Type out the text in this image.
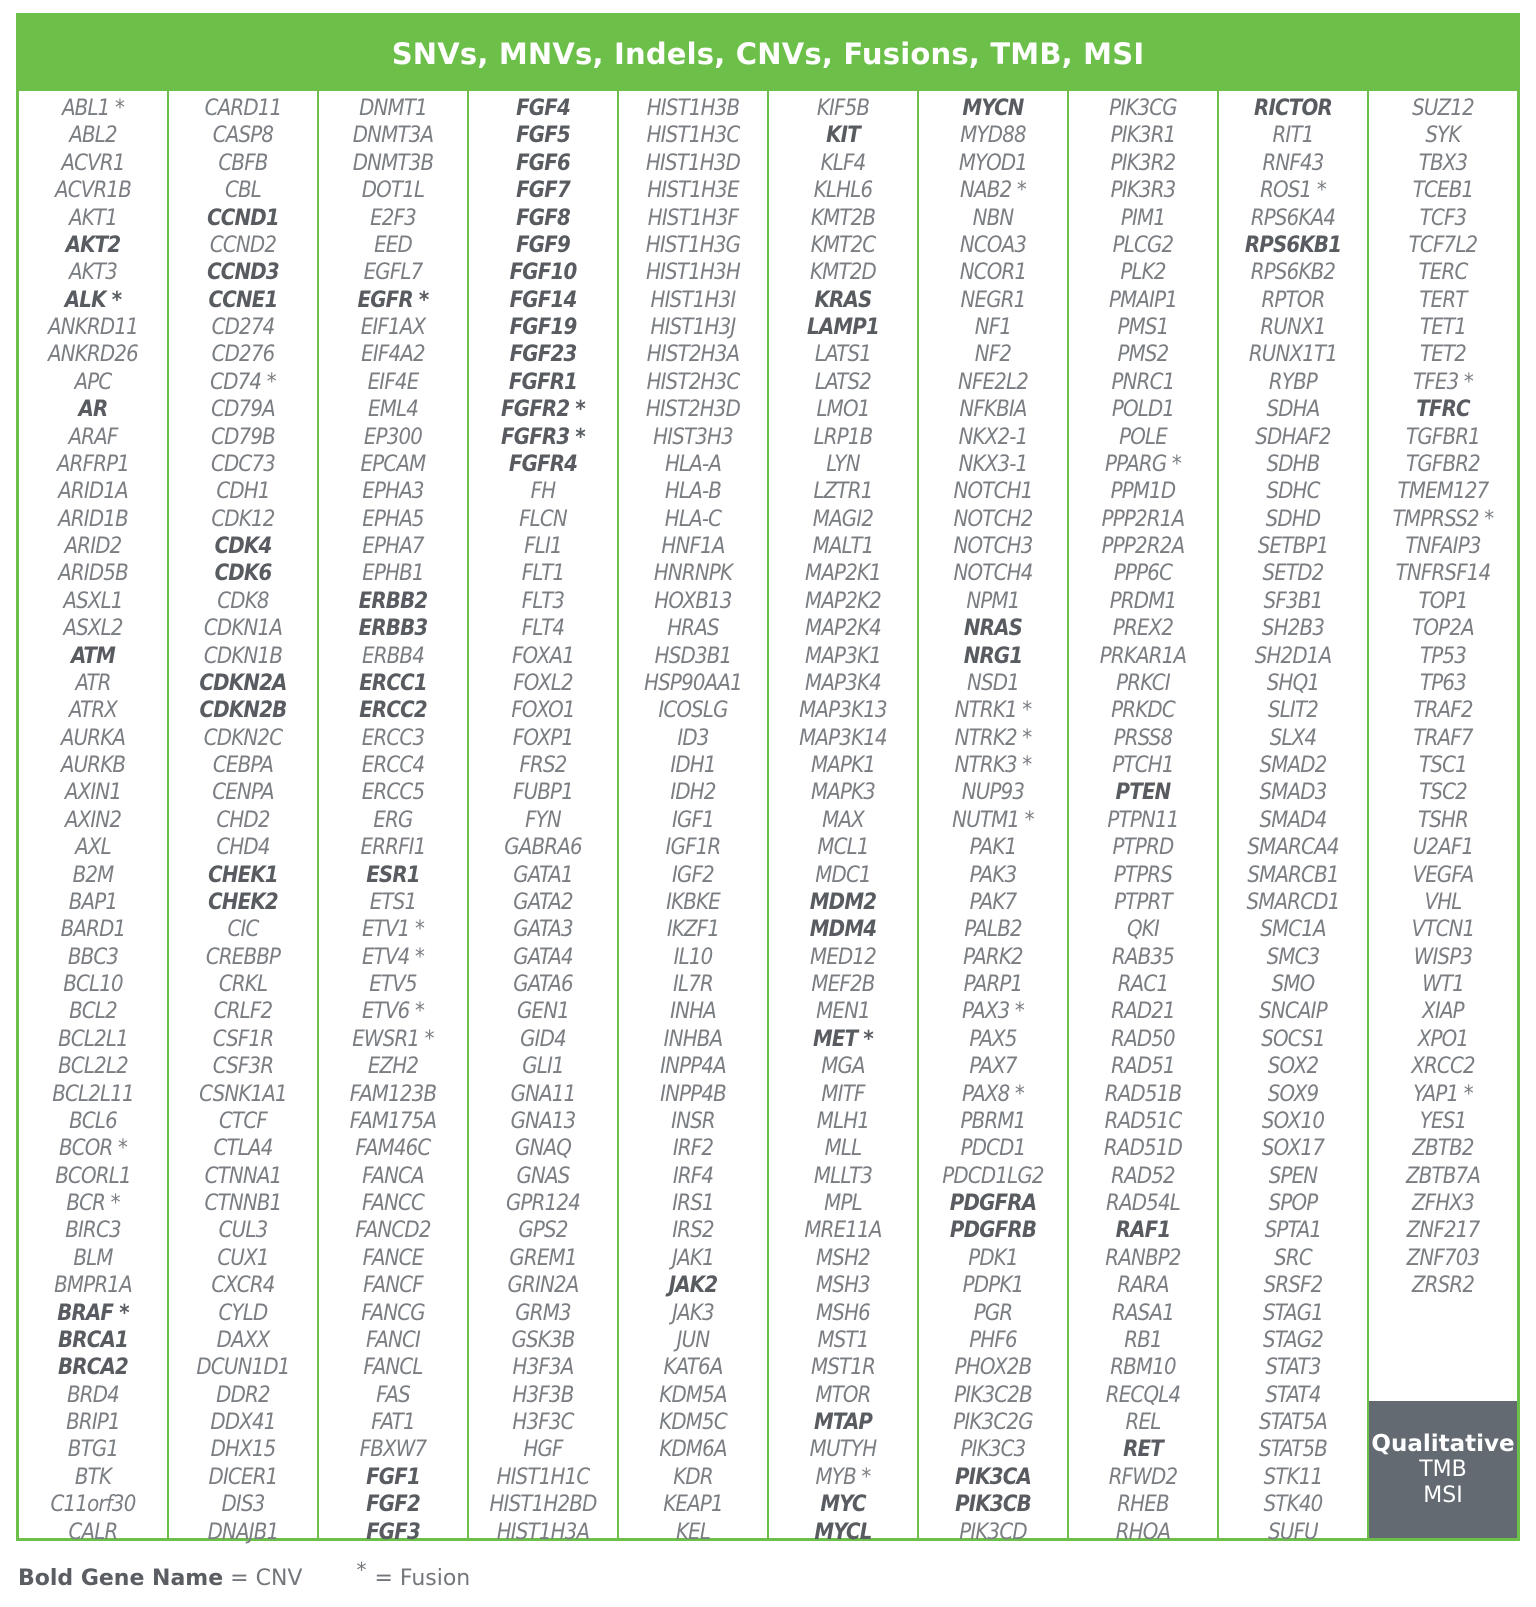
SNVs, MNVs, Indels, CNVs, Fusions, TMB, MSI
ABL1 *
ABL2
ACVR1
ACVR1B
AKT1
AKT2
AKT3
ALK *
ANKRD11
ANKRD26
APC
AR
ARAF
ARFRP1
ARID1A
ARID1B
ARID2
ARID5B
ASXL1
ASXL2
ATM
ATR
ATRX
AURKA
AURKB
AXIN1
AXIN2
AXL
B2M
BAP1
BARD1
BBC3
BCL10
BCL2
BCL2L1
BCL2L2
BCL2L11
BCL6
BCOR *
BCORL1
BCR *
BIRC3
BLM
BMPR1A
BRAF *
BRCA1
BRCA2
BRD4
BRIP1
BTG1
BTK
C11orf30
CALR
CARD11
CASP8
CBFB
CBL
CCND1
CCND2
CCND3
CCNE1
CD274
CD276
CD74 *
CD79A
CD79B
CDC73
CDH1
CDK12
CDK4
CDK6
CDK8
CDKN1A
CDKN1B
CDKN2A
CDKN2B
CDKN2C
CEBPA
CENPA
CHD2
CHD4
CHEK1
CHEK2
CIC
CREBBP
CRKL
CRLF2
CSF1R
CSF3R
CSNK1A1
CTCF
CTLA4
CTNNA1
CTNNB1
CUL3
CUX1
CXCR4
CYLD
DAXX
DCUN1D1
DDR2
DDX41
DHX15
DICER1
DIS3
DNAJB1
DNMT1
DNMT3A
DNMT3B
DOT1L
E2F3
EED
EGFL7
EGFR *
EIF1AX
EIF4A2
EIF4E
EML4
EP300
EPCAM
EPHA3
EPHA5
EPHA7
EPHB1
ERBB2
ERBB3
ERBB4
ERCC1
ERCC2
ERCC3
ERCC4
ERCC5
ERG
ERRFI1
ESR1
ETS1
ETV1 *
ETV4 *
ETV5
ETV6 *
EWSR1 *
EZH2
FAM123B
FAM175A
FAM46C
FANCA
FANCC
FANCD2
FANCE
FANCF
FANCG
FANCI
FANCL
FAS
FAT1
FBXW7
FGF1
FGF2
FGF3
FGF4
FGF5
FGF6
FGF7
FGF8
FGF9
FGF10
FGF14
FGF19
FGF23
FGFR1
FGFR2 *
FGFR3 *
FGFR4
FH
FLCN
FLI1
FLT1
FLT3
FLT4
FOXA1
FOXL2
FOXO1
FOXP1
FRS2
FUBP1
FYN
GABRA6
GATA1
GATA2
GATA3
GATA4
GATA6
GEN1
GID4
GLI1
GNA11
GNA13
GNAQ
GNAS
GPR124
GPS2
GREM1
GRIN2A
GRM3
GSK3B
H3F3A
H3F3B
H3F3C
HGF
HIST1H1C
HIST1H2BD
HIST1H3A
HIST1H3B
HIST1H3C
HIST1H3D
HIST1H3E
HIST1H3F
HIST1H3G
HIST1H3H
HIST1H3I
HIST1H3J
HIST2H3A
HIST2H3C
HIST2H3D
HIST3H3
HLA-A
HLA-B
HLA-C
HNF1A
HNRNPK
HOXB13
HRAS
HSD3B1
HSP90AA1
ICOSLG
ID3
IDH1
IDH2
IGF1
IGF1R
IGF2
IKBKE
IKZF1
IL10
IL7R
INHA
INHBA
INPP4A
INPP4B
INSR
IRF2
IRF4
IRS1
IRS2
JAK1
JAK2
JAK3
JUN
KAT6A
KDM5A
KDM5C
KDM6A
KDR
KEAP1
KEL
KIF5B
KIT
KLF4
KLHL6
KMT2B
KMT2C
KMT2D
KRAS
LAMP1
LATS1
LATS2
LMO1
LRP1B
LYN
LZTR1
MAGI2
MALT1
MAP2K1
MAP2K2
MAP2K4
MAP3K1
MAP3K4
MAP3K13
MAP3K14
MAPK1
MAPK3
MAX
MCL1
MDC1
MDM2
MDM4
MED12
MEF2B
MEN1
MET *
MGA
MITF
MLH1
MLL
MLLT3
MPL
MRE11A
MSH2
MSH3
MSH6
MST1
MST1R
MTOR
MTAP
MUTYH
MYB *
MYC
MYCL
MYCN
MYD88
MYOD1
NAB2 *
NBN
NCOA3
NCOR1
NEGR1
NF1
NF2
NFE2L2
NFKBIA
NKX2-1
NKX3-1
NOTCH1
NOTCH2
NOTCH3
NOTCH4
NPM1
NRAS
NRG1
NSD1
NTRK1 *
NTRK2 *
NTRK3 *
NUP93
NUTM1 *
PAK1
PAK3
PAK7
PALB2
PARK2
PARP1
PAX3 *
PAX5
PAX7
PAX8 *
PBRM1
PDCD1
PDCD1LG2
PDGFRA
PDGFRB
PDK1
PDPK1
PGR
PHF6
PHOX2B
PIK3C2B
PIK3C2G
PIK3C3
PIK3CA
PIK3CB
PIK3CD
PIK3CG
PIK3R1
PIK3R2
PIK3R3
PIM1
PLCG2
PLK2
PMAIP1
PMS1
PMS2
PNRC1
POLD1
POLE
PPARG *
PPM1D
PPP2R1A
PPP2R2A
PPP6C
PRDM1
PREX2
PRKAR1A
PRKCI
PRKDC
PRSS8
PTCH1
PTEN
PTPN11
PTPRD
PTPRS
PTPRT
QKI
RAB35
RAC1
RAD21
RAD50
RAD51
RAD51B
RAD51C
RAD51D
RAD52
RAD54L
RAF1
RANBP2
RARA
RASA1
RB1
RBM10
RECQL4
REL
RET
RFWD2
RHEB
RHOA
RICTOR
RIT1
RNF43
ROS1 *
RPS6KA4
RPS6KB1
RPS6KB2
RPTOR
RUNX1
RUNX1T1
RYBP
SDHA
SDHAF2
SDHB
SDHC
SDHD
SETBP1
SETD2
SF3B1
SH2B3
SH2D1A
SHQ1
SLIT2
SLX4
SMAD2
SMAD3
SMAD4
SMARCA4
SMARCB1
SMARCD1
SMC1A
SMC3
SMO
SNCAIP
SOCS1
SOX2
SOX9
SOX10
SOX17
SPEN
SPOP
SPTA1
SRC
SRSF2
STAG1
STAG2
STAT3
STAT4
STAT5A
STAT5B
STK11
STK40
SUFU
SUZ12
SYK
TBX3
TCEB1
TCF3
TCF7L2
TERC
TERT
TET1
TET2
TFE3 *
TFRC
TGFBR1
TGFBR2
TMEM127
TMPRSS2 *
TNFAIP3
TNFRSF14
TOP1
TOP2A
TP53
TP63
TRAF2
TRAF7
TSC1
TSC2
TSHR
U2AF1
VEGFA
VHL
VTCN1
WISP3
WT1
XIAP
XPO1
XRCC2
YAP1 *
YES1
ZBTB2
ZBTB7A
ZFHX3
ZNF217
ZNF703
ZRSR2
Qualitative
TMB
MSI
Bold Gene Name = CNV	* = Fusion
